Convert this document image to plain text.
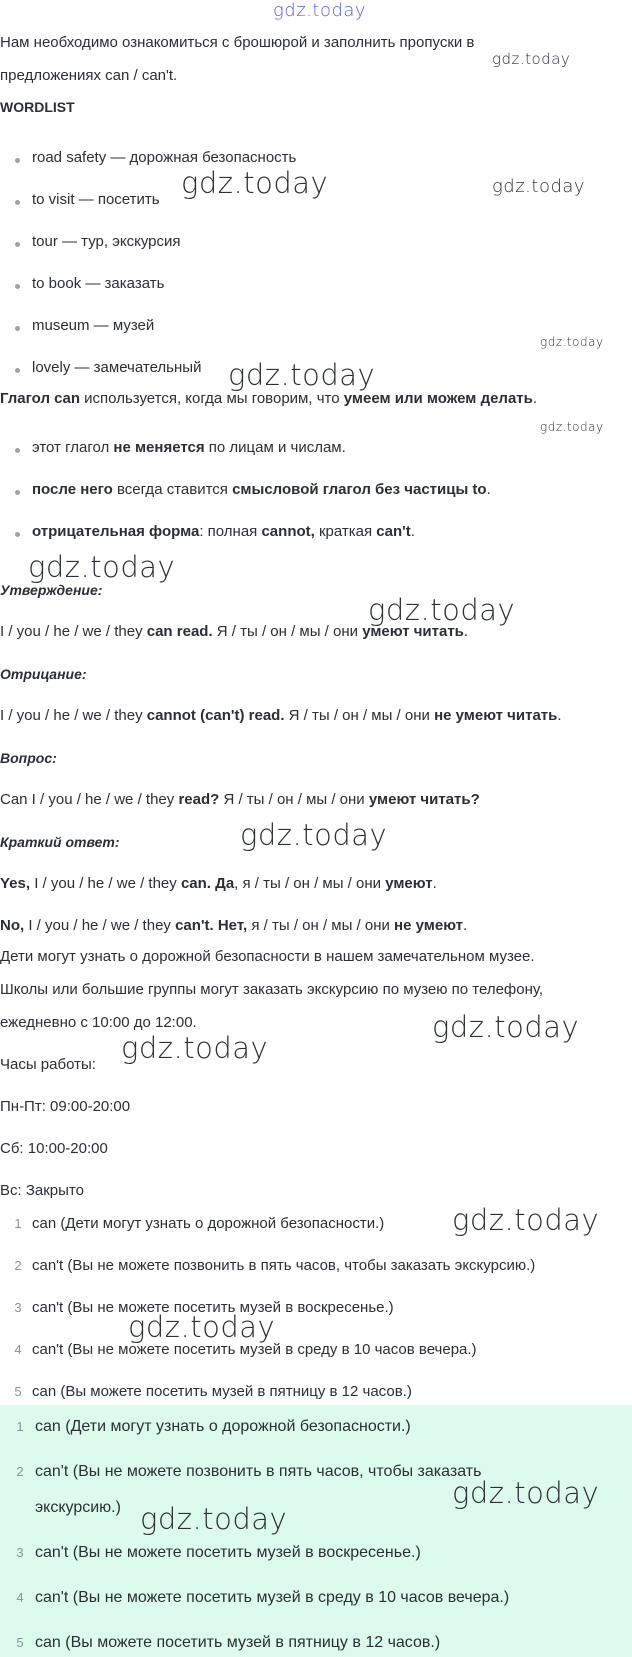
gdz.today
gdz.today
gdz.today	gdz.today
gdz.today
gdz.today
gdz.today
gdz.today
gdz.today
gdz.today
gdz.today
gdz.today
gdz.today
gdz.today
Нам необходимо ознакомиться с брошюрой и заполнить пропуски в
предложениях can / can't.
WORDLIST
road safety — дорожная безопасность
to visit — посетить
tour — тур, экскурсия
to book — заказать
museum — музей
lovely — замечательный
Глагол can используется, когда мы говорим, что умеем или можем делать.
этот глагол не меняется по лицам и числам.
после него всегда ставится смысловой глагол без частицы to.
отрицательная форма: полная cannot, краткая can't.
Утверждение:
I / you / he / we / they can read. Я / ты / он / мы / они умеют читать.
Отрицание:
I / you / he / we / they cannot (can't) read. Я / ты / он / мы / они не умеют читать.
Вопрос:
Can I / you / he / we / they read? Я / ты / он / мы / они умеют читать?
Краткий ответ:
Yes, I / you / he / we / they can. Да, я / ты / он / мы / они умеют.
No, I / you / he / we / they can't. Нет, я / ты / он / мы / они не умеют.
Дети могут узнать о дорожной безопасности в нашем замечательном музее.
Школы или большие группы могут заказать экскурсию по музею по телефону,
ежедневно с 10:00 до 12:00.
Часы работы:
Пн-Пт: 09:00-20:00
Сб: 10:00-20:00
Вс: Закрыто
1 can (Дети могут узнать о дорожной безопасности.)
2 can't (Вы не можете позвонить в пять часов, чтобы заказать экскурсию.)
3 can't (Вы не можете посетить музей в воскресенье.)
4 can't (Вы не можете посетить музей в среду в 10 часов вечера.)
5 can (Вы можете посетить музей в пятницу в 12 часов.)
1 can (Дети могут узнать о дорожной безопасности.)
2 can't (Вы не можете позвонить в пять часов, чтобы заказать
экскурсию.)
3 can't (Вы не можете посетить музей в воскресенье.)
4 can't (Вы не можете посетить музей в среду в 10 часов вечера.)
5 can (Вы можете посетить музей в пятницу в 12 часов.)
gdz.today
gdz.today
